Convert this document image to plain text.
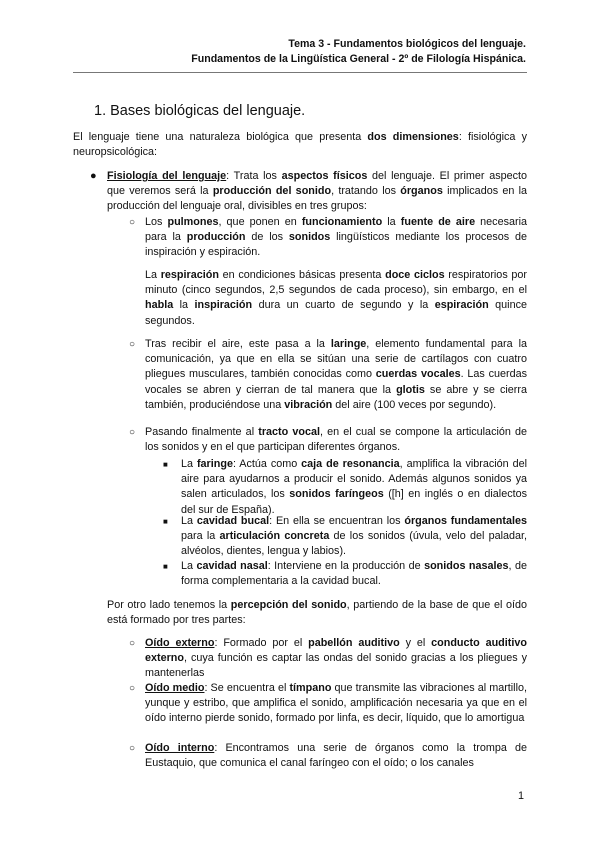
Tema 3 - Fundamentos biológicos del lenguaje.
Fundamentos de la Lingüística General - 2º de Filología Hispánica.
1. Bases biológicas del lenguaje.

El lenguaje tiene una naturaleza biológica que presenta dos dimensiones: fisiológica y neuropsicológica:

● Fisiología del lenguaje: Trata los aspectos físicos del lenguaje. El primer aspecto que veremos será la producción del sonido, tratando los órganos implicados en la producción del lenguaje oral, divisibles en tres grupos:

○ Los pulmones, que ponen en funcionamiento la fuente de aire necesaria para la producción de los sonidos lingüísticos mediante los procesos de inspiración y espiración.

La respiración en condiciones básicas presenta doce ciclos respiratorios por minuto (cinco segundos, 2,5 segundos de cada proceso), sin embargo, en el habla la inspiración dura un cuarto de segundo y la espiración quince segundos.

○ Tras recibir el aire, este pasa a la laringe, elemento fundamental para la comunicación, ya que en ella se sitúan una serie de cartílagos con cuatro pliegues musculares, también conocidas como cuerdas vocales. Las cuerdas vocales se abren y cierran de tal manera que la glotis se abre y se cierra también, produciéndose una vibración del aire (100 veces por segundo).

○ Pasando finalmente al tracto vocal, en el cual se compone la articulación de los sonidos y en el que participan diferentes órganos.

■ La faringe: Actúa como caja de resonancia, amplifica la vibración del aire para ayudarnos a producir el sonido. Además algunos sonidos ya salen articulados, los sonidos faríngeos ([h] en inglés o en dialectos del sur de España).

■ La cavidad bucal: En ella se encuentran los órganos fundamentales para la articulación concreta de los sonidos (úvula, velo del paladar, alvéolos, dientes, lengua y labios).

■ La cavidad nasal: Interviene en la producción de sonidos nasales, de forma complementaria a la cavidad bucal.

Por otro lado tenemos la percepción del sonido, partiendo de la base de que el oído está formado por tres partes:

○ Oído externo: Formado por el pabellón auditivo y el conducto auditivo externo, cuya función es captar las ondas del sonido gracias a los pliegues y mantenerlas

○ Oído medio: Se encuentra el tímpano que transmite las vibraciones al martillo, yunque y estribo, que amplifica el sonido, amplificación necesaria ya que en el oído interno pierde sonido, formado por linfa, es decir, líquido, que lo amortigua

○ Oído interno: Encontramos una serie de órganos como la trompa de Eustaquio, que comunica el canal faríngeo con el oído; o los canales

1
